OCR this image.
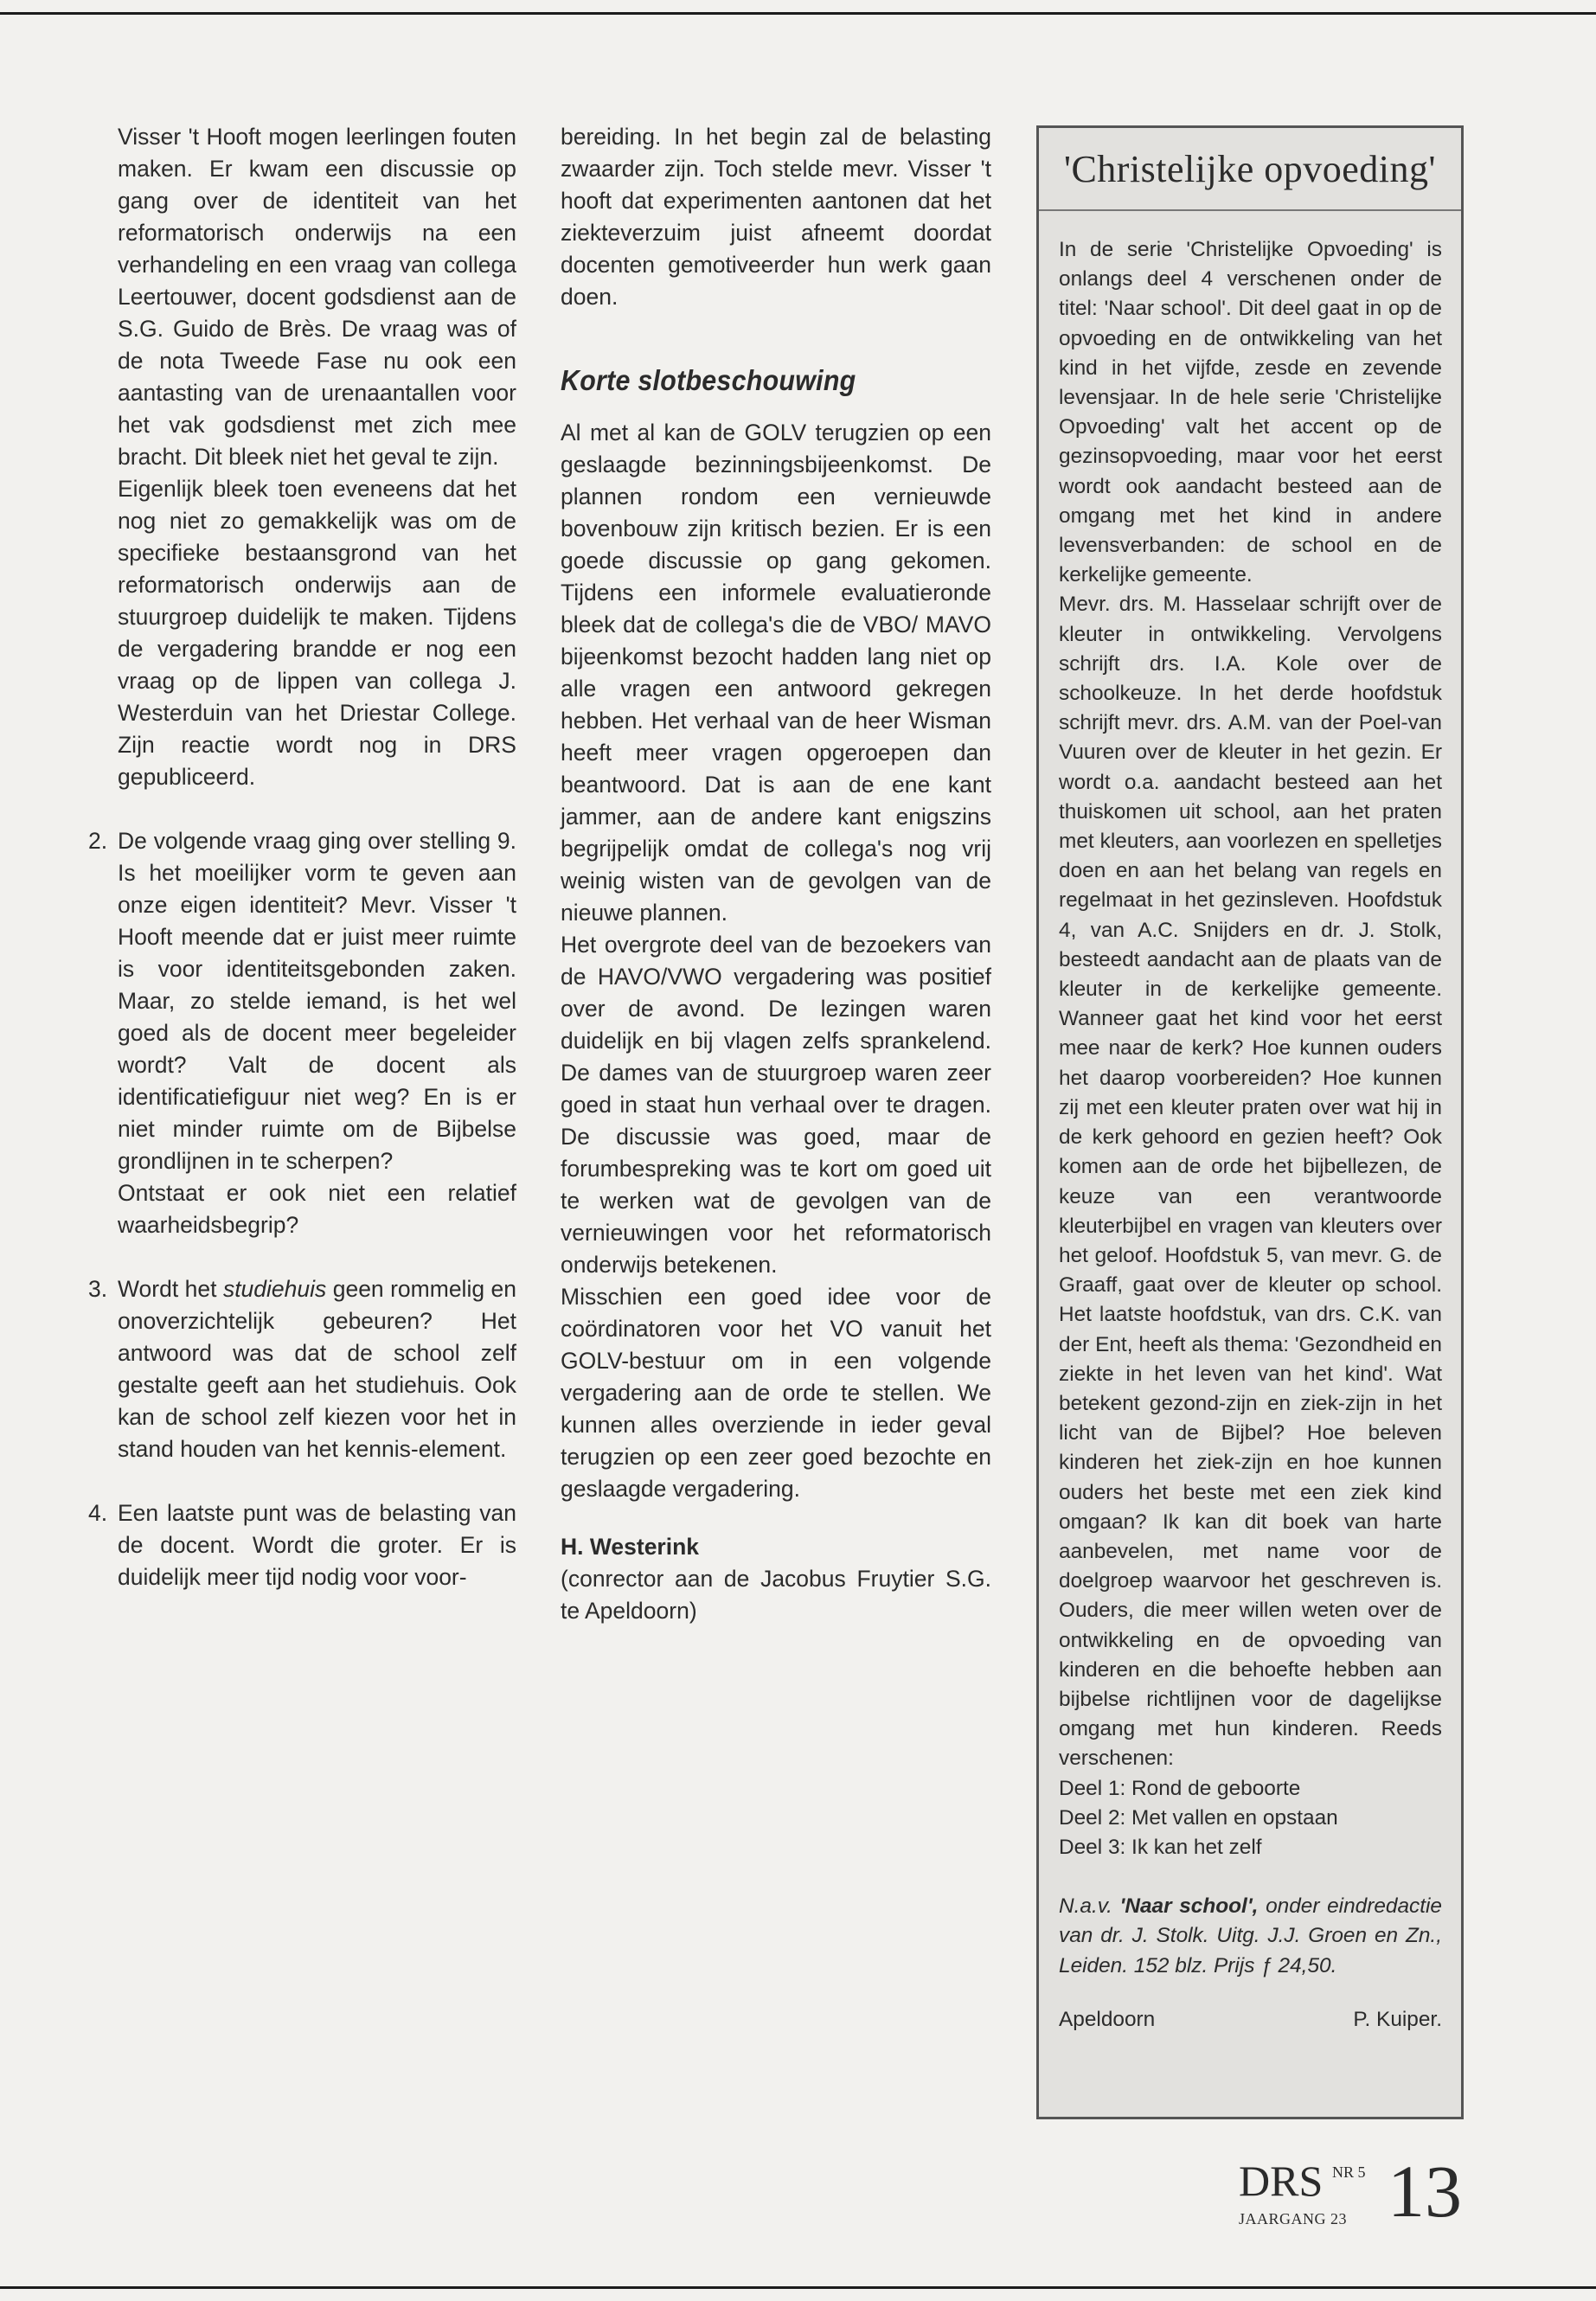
Visser 't Hooft mogen leerlingen fouten maken. Er kwam een discussie op gang over de identiteit van het reformatorisch onderwijs na een verhandeling en een vraag van collega Leertouwer, docent godsdienst aan de S.G. Guido de Brès. De vraag was of de nota Tweede Fase nu ook een aantasting van de urenaantallen voor het vak godsdienst met zich mee bracht. Dit bleek niet het geval te zijn.

Eigenlijk bleek toen eveneens dat het nog niet zo gemakkelijk was om de specifieke bestaansgrond van het reformatorisch onderwijs aan de stuurgroep duidelijk te maken. Tijdens de vergadering brandde er nog een vraag op de lippen van collega J. Westerduin van het Driestar College. Zijn reactie wordt nog in DRS gepubliceerd.

2. De volgende vraag ging over stelling 9. Is het moeilijker vorm te geven aan onze eigen identiteit? Mevr. Visser 't Hooft meende dat er juist meer ruimte is voor identiteitsgebonden zaken. Maar, zo stelde iemand, is het wel goed als de docent meer begeleider wordt? Valt de docent als identificatiefiguur niet weg? En is er niet minder ruimte om de Bijbelse grondlijnen in te scherpen?

Ontstaat er ook niet een relatief waarheidsbegrip?

3. Wordt het studiehuis geen rommelig en onoverzichtelijk gebeuren? Het antwoord was dat de school zelf gestalte geeft aan het studiehuis. Ook kan de school zelf kiezen voor het in stand houden van het kennis-element.

4. Een laatste punt was de belasting van de docent. Wordt die groter. Er is duidelijk meer tijd nodig voor voor-

bereiding. In het begin zal de belasting zwaarder zijn. Toch stelde mevr. Visser 't hooft dat experimenten aantonen dat het ziekteverzuim juist afneemt doordat docenten gemotiveerder hun werk gaan doen.

Korte slotbeschouwing

Al met al kan de GOLV terugzien op een geslaagde bezinningsbijeenkomst. De plannen rondom een vernieuwde bovenbouw zijn kritisch bezien. Er is een goede discussie op gang gekomen. Tijdens een informele evaluatieronde bleek dat de collega's die de VBO/ MAVO bijeenkomst bezocht hadden lang niet op alle vragen een antwoord gekregen hebben. Het verhaal van de heer Wisman heeft meer vragen opgeroepen dan beantwoord. Dat is aan de ene kant jammer, aan de andere kant enigszins begrijpelijk omdat de collega's nog vrij weinig wisten van de gevolgen van de nieuwe plannen.

Het overgrote deel van de bezoekers van de HAVO/VWO vergadering was positief over de avond. De lezingen waren duidelijk en bij vlagen zelfs sprankelend. De dames van de stuurgroep waren zeer goed in staat hun verhaal over te dragen. De discussie was goed, maar de forumbespreking was te kort om goed uit te werken wat de gevolgen van de vernieuwingen voor het reformatorisch onderwijs betekenen.

Misschien een goed idee voor de coördinatoren voor het VO vanuit het GOLV-bestuur om in een volgende vergadering aan de orde te stellen. We kunnen alles overziende in ieder geval terugzien op een zeer goed bezochte en geslaagde vergadering.

H. Westerink

(conrector aan de Jacobus Fruytier S.G. te Apeldoorn)

'Christelijke opvoeding'

In de serie 'Christelijke Opvoeding' is onlangs deel 4 verschenen onder de titel: 'Naar school'. Dit deel gaat in op de opvoeding en de ontwikkeling van het kind in het vijfde, zesde en zevende levensjaar. In de hele serie 'Christelijke Opvoeding' valt het accent op de gezinsopvoeding, maar voor het eerst wordt ook aandacht besteed aan de omgang met het kind in andere levensverbanden: de school en de kerkelijke gemeente.

Mevr. drs. M. Hasselaar schrijft over de kleuter in ontwikkeling. Vervolgens schrijft drs. I.A. Kole over de schoolkeuze. In het derde hoofdstuk schrijft mevr. drs. A.M. van der Poel-van Vuuren over de kleuter in het gezin. Er wordt o.a. aandacht besteed aan het thuiskomen uit school, aan het praten met kleuters, aan voorlezen en spelletjes doen en aan het belang van regels en regelmaat in het gezinsleven. Hoofdstuk 4, van A.C. Snijders en dr. J. Stolk, besteedt aandacht aan de plaats van de kleuter in de kerkelijke gemeente. Wanneer gaat het kind voor het eerst mee naar de kerk? Hoe kunnen ouders het daarop voorbereiden? Hoe kunnen zij met een kleuter praten over wat hij in de kerk gehoord en gezien heeft? Ook komen aan de orde het bijbellezen, de keuze van een verantwoorde kleuterbijbel en vragen van kleuters over het geloof. Hoofdstuk 5, van mevr. G. de Graaff, gaat over de kleuter op school. Het laatste hoofdstuk, van drs. C.K. van der Ent, heeft als thema: 'Gezondheid en ziekte in het leven van het kind'. Wat betekent gezond-zijn en ziek-zijn in het licht van de Bijbel? Hoe beleven kinderen het ziek-zijn en hoe kunnen ouders het beste met een ziek kind omgaan? Ik kan dit boek van harte aanbevelen, met name voor de doelgroep waarvoor het geschreven is. Ouders, die meer willen weten over de ontwikkeling en de opvoeding van kinderen en die behoefte hebben aan bijbelse richtlijnen voor de dagelijkse omgang met hun kinderen. Reeds verschenen:

Deel 1: Rond de geboorte

Deel 2: Met vallen en opstaan

Deel 3: Ik kan het zelf

N.a.v. 'Naar school', onder eindredactie van dr. J. Stolk. Uitg. J.J. Groen en Zn., Leiden. 152 blz. Prijs ƒ 24,50.

Apeldoorn	P. Kuiper.

DRS NR 5
JAARGANG 23 13
